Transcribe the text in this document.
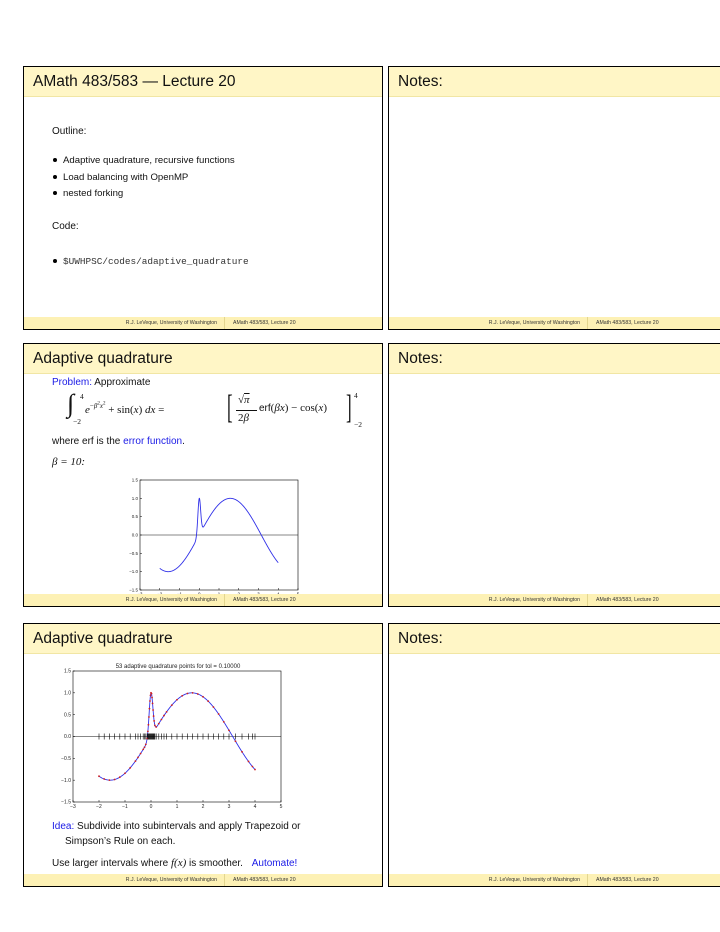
AMath 483/583 — Lecture 20
Outline:
Adaptive quadrature, recursive functions
Load balancing with OpenMP
nested forking
Code:
$UWHPSC/codes/adaptive_quadrature
R.J. LeVeque, University of Washington	AMath 483/583, Lecture 20
Notes:
R.J. LeVeque, University of Washington	AMath 483/583, Lecture 20
Adaptive quadrature
Problem: Approximate
∫ 4
−2
$e^{-\beta^2x^2} + \sin(x)$ dx = [ √π
2β
erf(βx) − cos(x) ] 4
−2
where erf is the error function.
β = 10:
1.5
1.0
0.5
0.0
−0.5
−1.0
−1.5
R.J. LeVeque, University of Washington	AMath 483/583, Lecture 20
Notes:
R.J. LeVeque, University of Washington	AMath 483/583, Lecture 20
Adaptive quadrature
53 adaptive quadrature points for tol = 0.10000
−3	−2	−1	0	1	2	3	4	5
1.5
1.0
0.5
0.0
−0.5
−1.0
−1.5
Idea: Subdivide into subintervals and apply Trapezoid or
Simpson’s Rule on each.
Use larger intervals where f(x) is smoother. Automate!
R.J. LeVeque, University of Washington	AMath 483/583, Lecture 20
Notes:
R.J. LeVeque, University of Washington	AMath 483/583, Lecture 20
